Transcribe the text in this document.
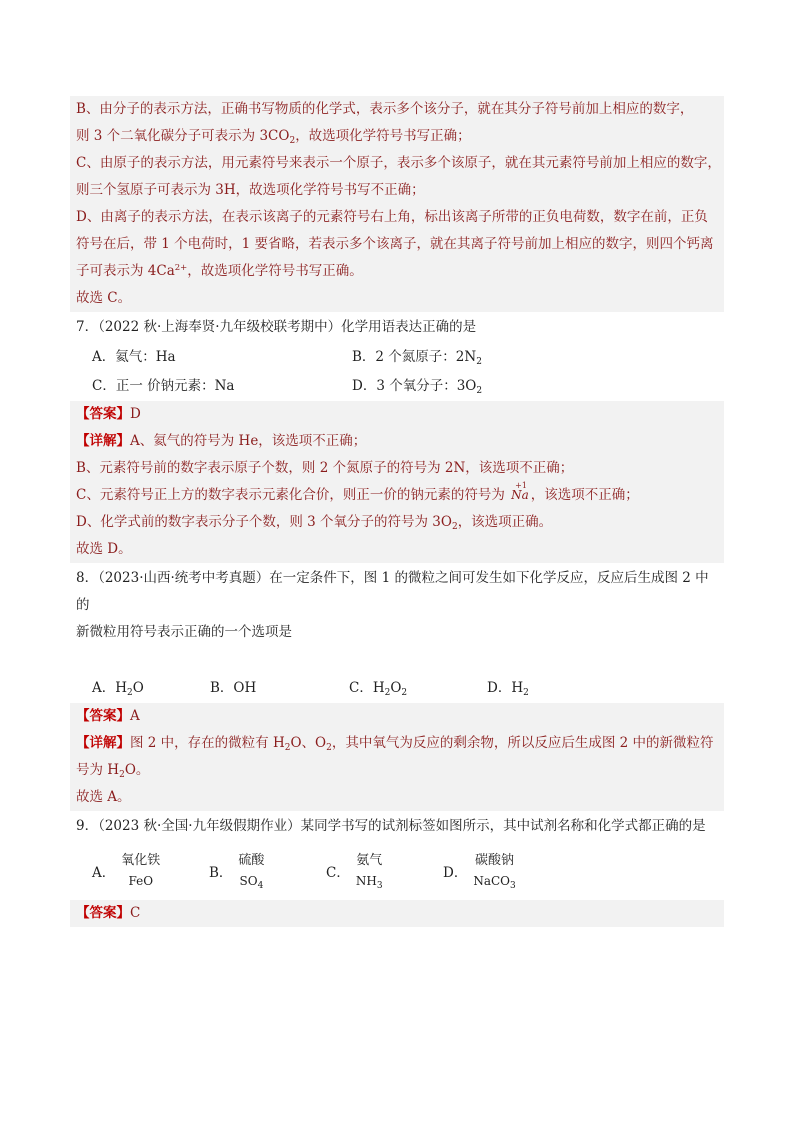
B、由分子的表示方法，正确书写物质的化学式，表示多个该分子，就在其分子符号前加上相应的数字，
则 3 个二氧化碳分子可表示为 $3CO_2$，故选项化学符号书写正确；
C、由原子的表示方法，用元素符号来表示一个原子，表示多个该原子，就在其元素符号前加上相应的数字，
则三个氢原子可表示为 3H，故选项化学符号书写不正确；
D、由离子的表示方法，在表示该离子的元素符号右上角，标出该离子所带的正负电荷数，数字在前，正负
符号在后，带 1 个电荷时，1 要省略，若表示多个该离子，就在其离子符号前加上相应的数字，则四个钙离
子可表示为 $4Ca^{2+}$，故选项化学符号书写正确。
故选 C。
7．（2022 秋·上海奉贤·九年级校联考期中）化学用语表达正确的是
A．氦气：Ha	B．2 个氮原子：$2N_2$
C．正一 价钠元素：Na	D．3 个氧分子：$3O_2$
【答案】D
【详解】A、氦气的符号为 He，该选项不正确；
B、元素符号前的数字表示原子个数，则 2 个氮原子的符号为 2N，该选项不正确；
C、元素符号正上方的数字表示元素化合价，则正一价的钠元素的符号为
+1
Na ，该选项不正确；
D、化学式前的数字表示分子个数，则 3 个氧分子的符号为 $3O_2$，该选项正确。
故选 D。
8．（2023·山西·统考中考真题）在一定条件下，图 1 的微粒之间可发生如下化学反应，反应后生成图 2 中的
新微粒用符号表示正确的一个选项是
A．$H_2O$	B．OH	C．$H_2O_2$	D．$H_2$
【答案】A
【详解】图 2 中，存在的微粒有 $H_2O$、$O_2$，其中氧气为反应的剩余物，所以反应后生成图 2 中的新微粒符
号为 $H_2O$。
故选 A。
9．（2023 秋·全国·九年级假期作业）某同学书写的试剂标签如图所示，其中试剂名称和化学式都正确的是
A．
氧化铁
FeO	B．
硫酸
$SO_4$
C．
氨气
$NH_3$
D．
碳酸钠
NaCO$_3$
【答案】C
